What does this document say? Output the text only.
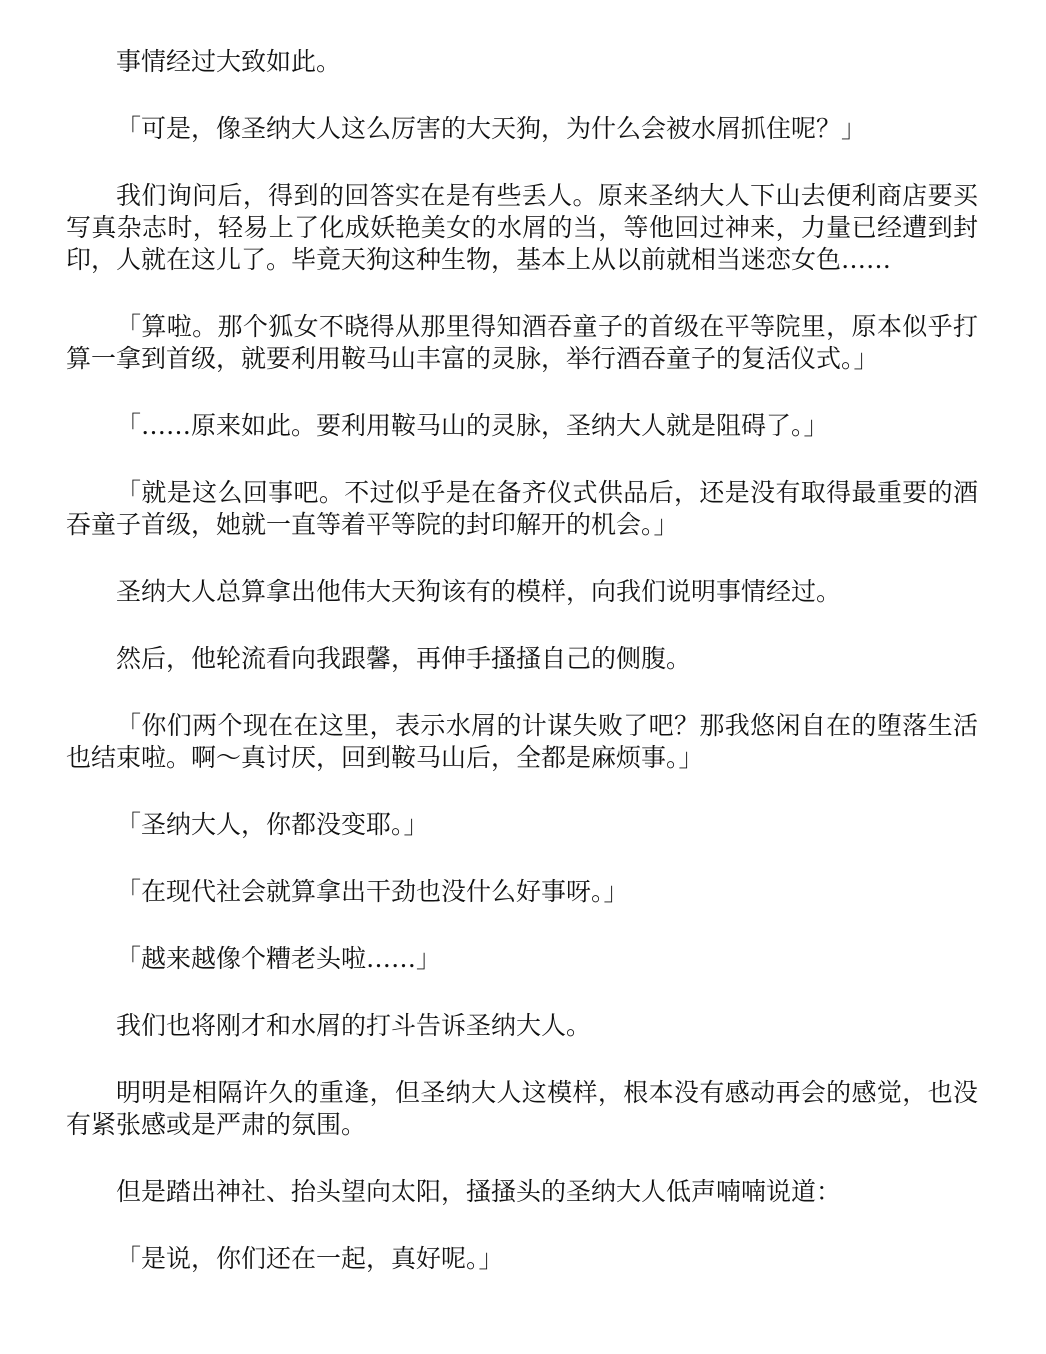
事情经过大致如此。

「可是，像圣纳大人这么厉害的大天狗，为什么会被水屑抓住呢？」

我们询问后，得到的回答实在是有些丢人。原来圣纳大人下山去便利商店要买写真杂志时，轻易上了化成妖艳美女的水屑的当，等他回过神来，力量已经遭到封印，人就在这儿了。毕竟天狗这种生物，基本上从以前就相当迷恋女色……

「算啦。那个狐女不晓得从那里得知酒吞童子的首级在平等院里，原本似乎打算一拿到首级，就要利用鞍马山丰富的灵脉，举行酒吞童子的复活仪式。」

「……原来如此。要利用鞍马山的灵脉，圣纳大人就是阻碍了。」

「就是这么回事吧。不过似乎是在备齐仪式供品后，还是没有取得最重要的酒吞童子首级，她就一直等着平等院的封印解开的机会。」

圣纳大人总算拿出他伟大天狗该有的模样，向我们说明事情经过。

然后，他轮流看向我跟馨，再伸手搔搔自己的侧腹。

「你们两个现在在这里，表示水屑的计谋失败了吧？那我悠闲自在的堕落生活也结束啦。啊～真讨厌，回到鞍马山后，全都是麻烦事。」

「圣纳大人，你都没变耶。」

「在现代社会就算拿出干劲也没什么好事呀。」

「越来越像个糟老头啦……」

我们也将刚才和水屑的打斗告诉圣纳大人。

明明是相隔许久的重逢，但圣纳大人这模样，根本没有感动再会的感觉，也没有紧张感或是严肃的氛围。

但是踏出神社、抬头望向太阳，搔搔头的圣纳大人低声喃喃说道：

「是说，你们还在一起，真好呢。」
